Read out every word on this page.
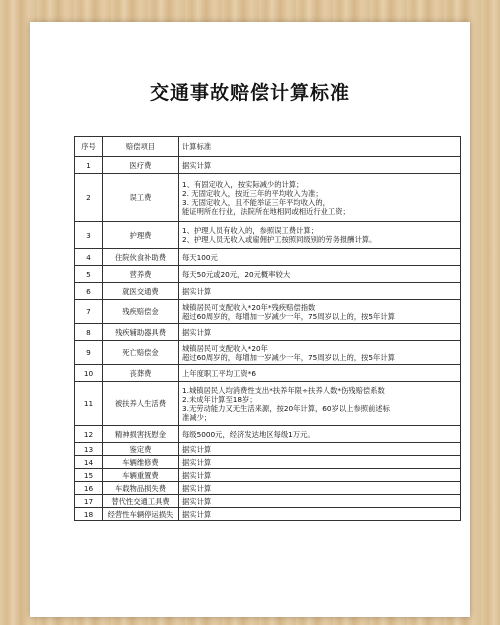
交通事故赔偿计算标准
序号	赔偿项目	计算标准
1	医疗费	据实计算

2	误工费	1、有固定收入，按实际减少的计算；
2. 无固定收入，按近三年的平均收入为准；
3. 无固定收入，且不能举证三年平均收入的，
能证明所在行业，法院所在地相同或相近行业工资；

3	护理费	1、护理人员有收入的，参照误工费计算；
2、护理人员无收入或雇佣护工按照同级别的劳务报酬计算。

4	住院伙食补助费	每天100元

5	营养费	每天50元或20元，20元概率较大

6	就医交通费	据实计算

7	残疾赔偿金	城镇居民可支配收入*20年*残疾赔偿指数
超过60周岁的，每增加一岁减少一年，75周岁以上的，按5年计算

8	残疾辅助器具费	据实计算

9	死亡赔偿金	城镇居民可支配收入*20年
超过60周岁的，每增加一岁减少一年，75周岁以上的，按5年计算

10	丧葬费	上年度职工平均工资*6

11	被扶养人生活费	1.城镇居民人均消费性支出*扶养年限÷扶养人数*伤残赔偿系数
2.未成年计算至18岁；
3.无劳动能力又无生活来源，按20年计算，60岁以上参照前述标
准减少；

12	精神损害抚慰金	每级5000元，经济发达地区每级1万元。

13	鉴定费	据实计算

14	车辆维修费	据实计算

15	车辆重置费	据实计算

16	车载物品损失费	据实计算

17	替代性交通工具费	据实计算

18	经营性车辆停运损失	据实计算
